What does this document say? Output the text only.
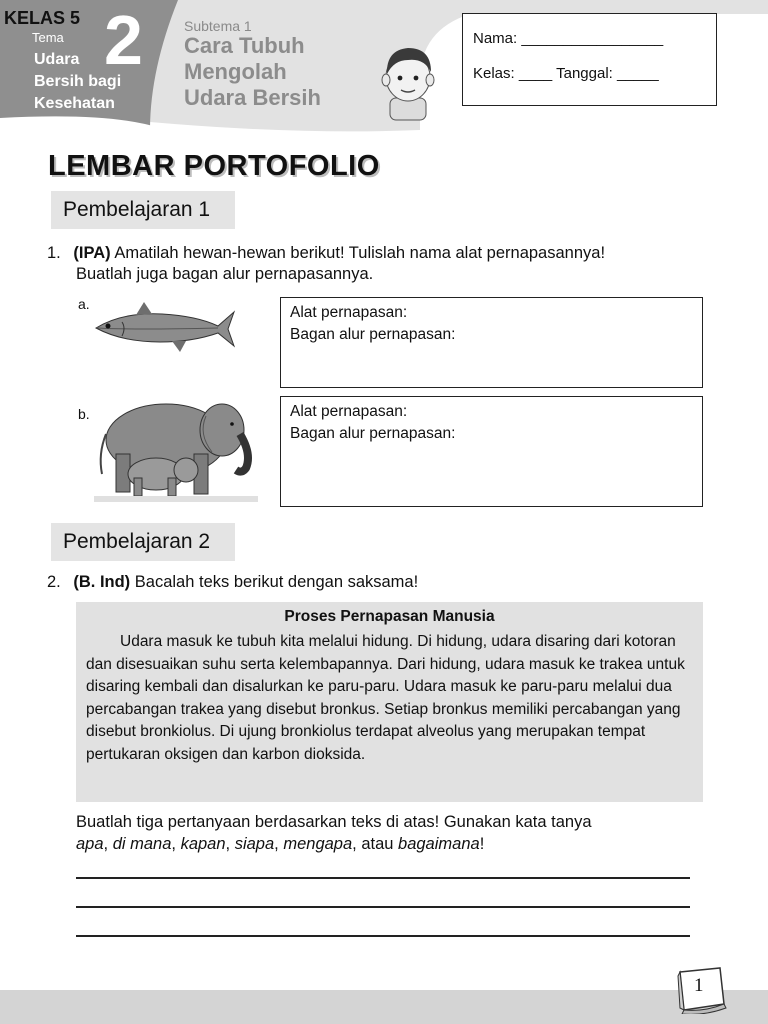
KELAS 5
Tema 2
Udara
Bersih bagi
Kesehatan
Subtema 1
Cara Tubuh
Mengolah
Udara Bersih
Nama: _________________
Kelas: ____ Tanggal: _____
LEMBAR PORTOFOLIO
Pembelajaran 1
1. (IPA) Amatilah hewan-hewan berikut! Tulislah nama alat pernapasannya!
Buatlah juga bagan alur pernapasannya.
a.	Alat pernapasan:
Bagan alur pernapasan:
b.	Alat pernapasan:
Bagan alur pernapasan:
Pembelajaran 2
2. (B. Ind) Bacalah teks berikut dengan saksama!
Proses Pernapasan Manusia
Udara masuk ke tubuh kita melalui hidung. Di hidung, udara disaring dari kotoran dan disesuaikan suhu serta kelembapannya. Dari hidung, udara masuk ke trakea untuk disaring kembali dan disalurkan ke paru-paru. Udara masuk ke paru-paru melalui dua percabangan trakea yang disebut bronkus. Setiap bronkus memiliki percabangan yang disebut bronkiolus. Di ujung bronkiolus terdapat alveolus yang merupakan tempat pertukaran oksigen dan karbon dioksida.
Buatlah tiga pertanyaan berdasarkan teks di atas! Gunakan kata tanya
apa, di mana, kapan, siapa, mengapa, atau bagaimana!
1
